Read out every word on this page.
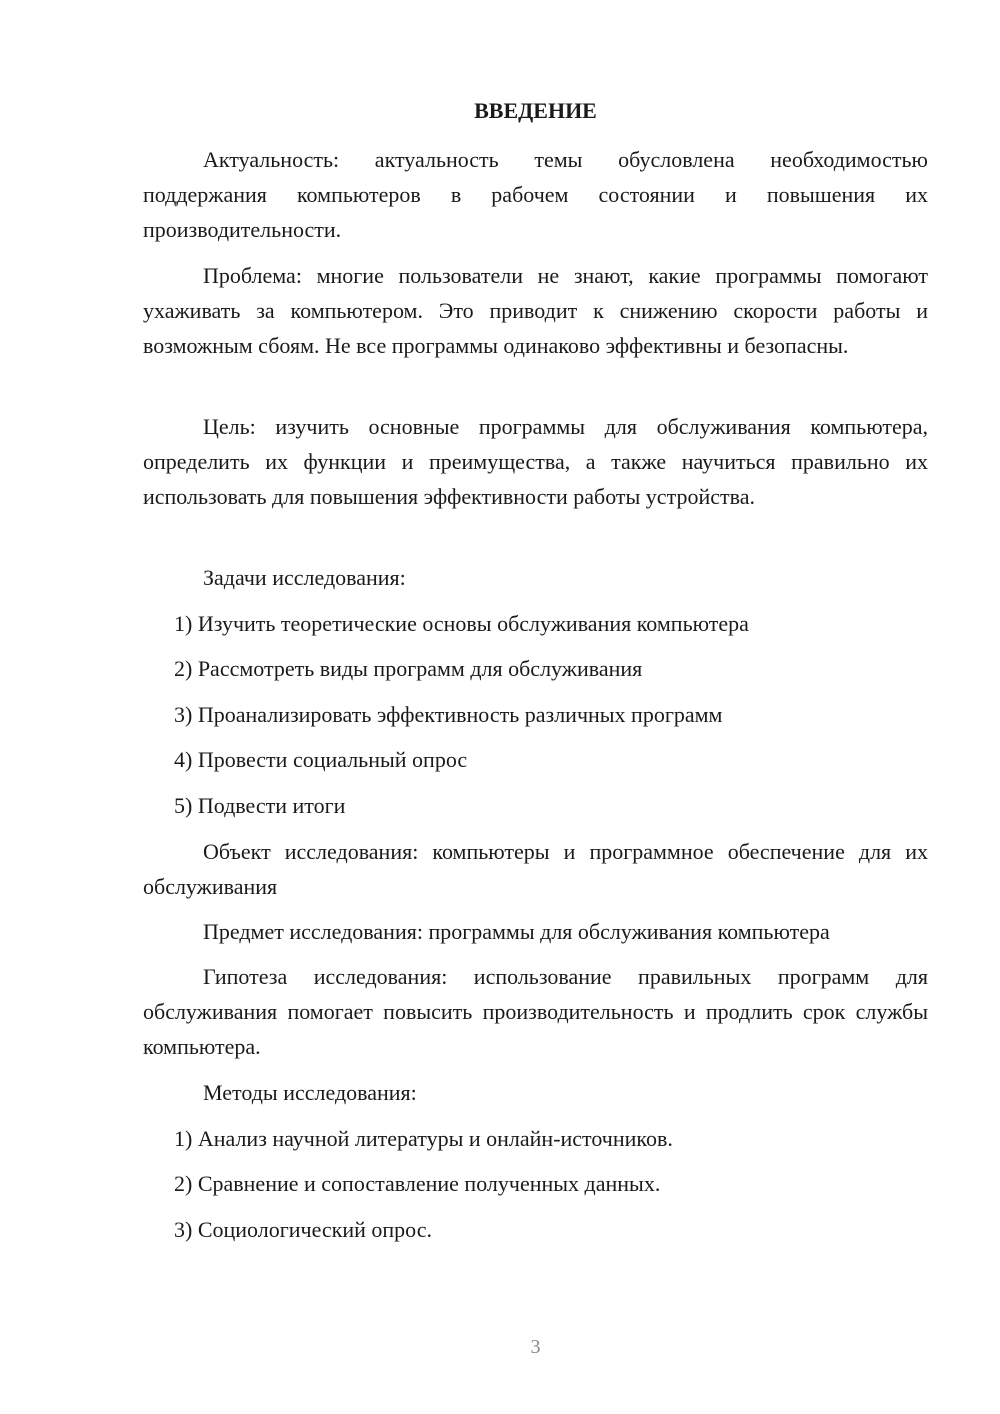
ВВЕДЕНИЕ

Актуальность: актуальность темы обусловлена необходимостью поддержания компьютеров в рабочем состоянии и повышения их производительности.

Проблема: многие пользователи не знают, какие программы помогают ухаживать за компьютером. Это приводит к снижению скорости работы и возможным сбоям. Не все программы одинаково эффективны и безопасны.

Цель: изучить основные программы для обслуживания компьютера, определить их функции и преимущества, а также научиться правильно их использовать для повышения эффективности работы устройства.

Задачи исследования:

1) Изучить теоретические основы обслуживания компьютера

2) Рассмотреть виды программ для обслуживания

3) Проанализировать эффективность различных программ

4) Провести социальный опрос

5) Подвести итоги

Объект исследования: компьютеры и программное обеспечение для их обслуживания

Предмет исследования: программы для обслуживания компьютера

Гипотеза исследования: использование правильных программ для обслуживания помогает повысить производительность и продлить срок службы компьютера.

Методы исследования:

1) Анализ научной литературы и онлайн-источников.

2) Сравнение и сопоставление полученных данных.

3) Социологический опрос.

3
